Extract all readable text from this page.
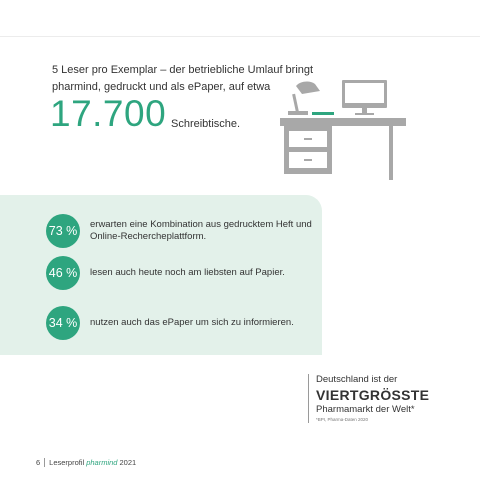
5 Leser pro Exemplar – der betriebliche Umlauf bringt
pharmind, gedruckt und als ePaper, auf etwa
17.700 Schreibtische.
73 % erwarten eine Kombination aus gedrucktem Heft und Online-Rechercheplattform.
46 % lesen auch heute noch am liebsten auf Papier.
34 % nutzen auch das ePaper um sich zu informieren.
Deutschland ist der
VIERTGRÖSSTE
Pharmamarkt der Welt*
*BPI, Pharma-Daten 2020
6 Leserprofil pharmind 2021
